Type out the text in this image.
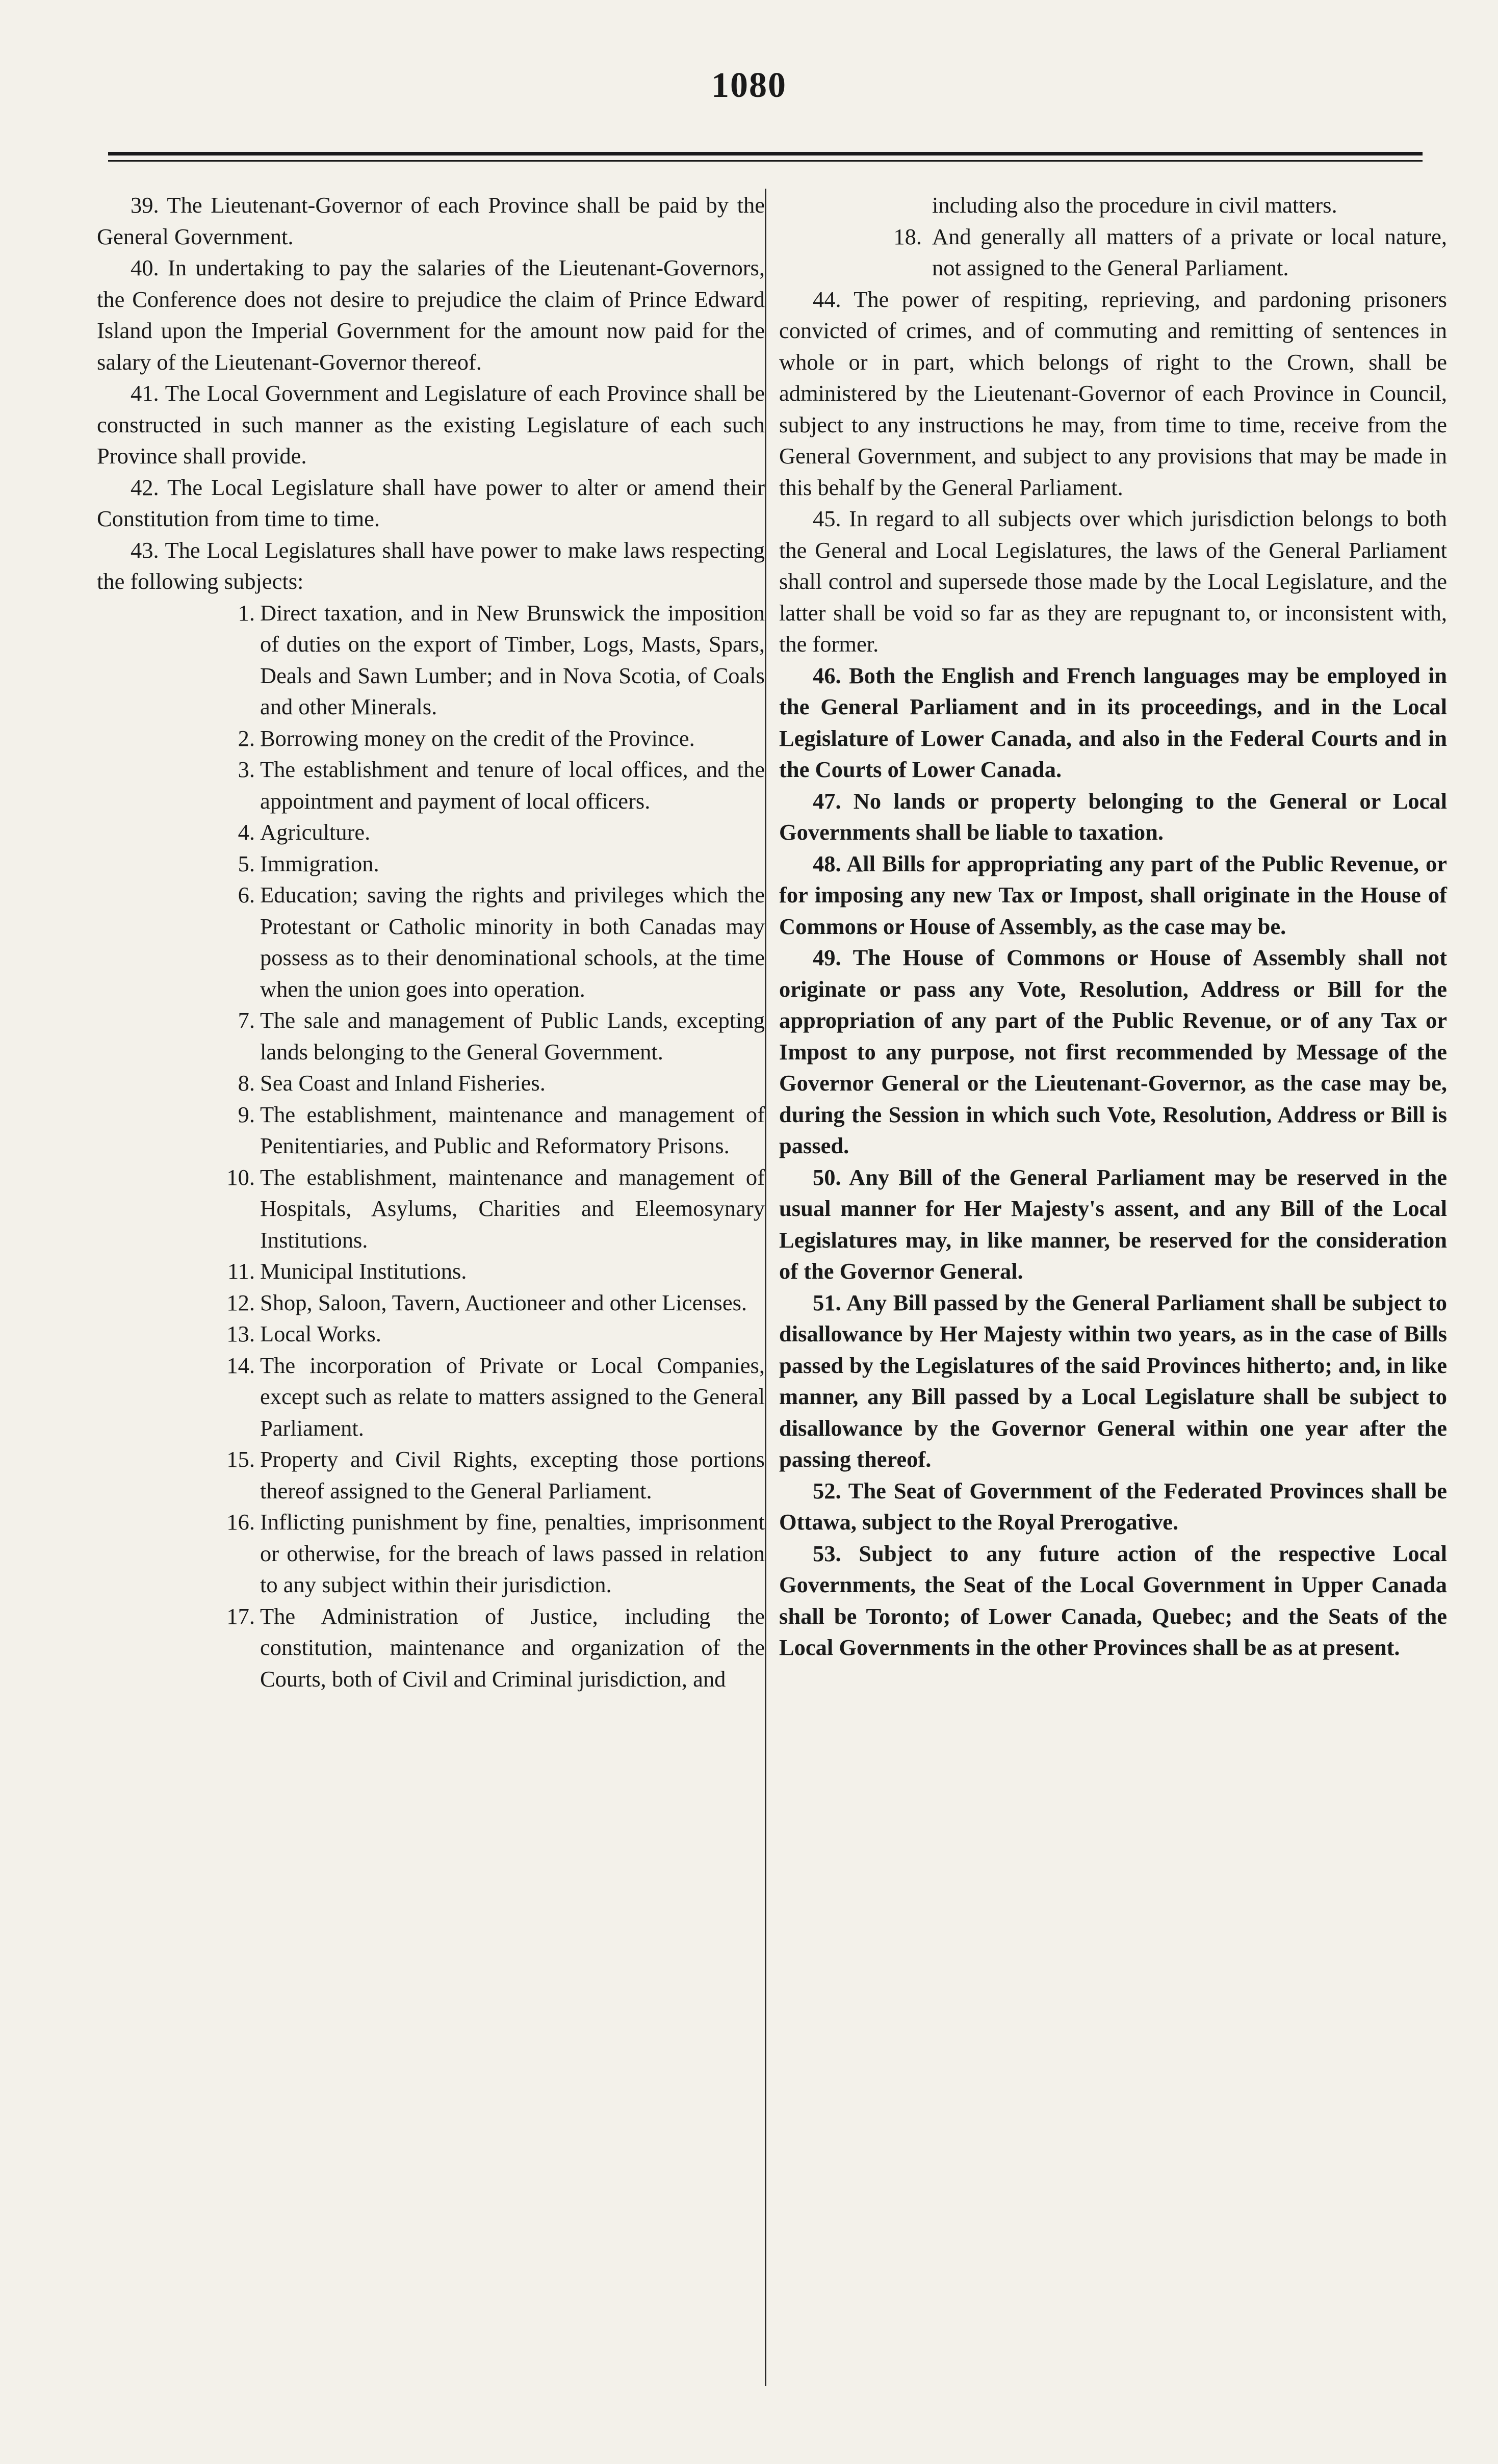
1080

39. The Lieutenant-Governor of each Province shall be paid by the General Government.

40. In undertaking to pay the salaries of the Lieutenant-Governors, the Conference does not desire to prejudice the claim of Prince Edward Island upon the Imperial Government for the amount now paid for the salary of the Lieutenant-Governor thereof.

41. The Local Government and Legislature of each Province shall be constructed in such manner as the existing Legislature of each such Province shall provide.

42. The Local Legislature shall have power to alter or amend their Constitution from time to time.

43. The Local Legislatures shall have power to make laws respecting the following subjects:

1. Direct taxation, and in New Brunswick the imposition of duties on the export of Timber, Logs, Masts, Spars, Deals and Sawn Lumber; and in Nova Scotia, of Coals and other Minerals.
2. Borrowing money on the credit of the Province.
3. The establishment and tenure of local offices, and the appointment and payment of local officers.
4. Agriculture.
5. Immigration.
6. Education; saving the rights and privileges which the Protestant or Catholic minority in both Canadas may possess as to their denominational schools, at the time when the union goes into operation.
7. The sale and management of Public Lands, excepting lands belonging to the General Government.
8. Sea Coast and Inland Fisheries.
9. The establishment, maintenance and management of Penitentiaries, and Public and Reformatory Prisons.
10. The establishment, maintenance and management of Hospitals, Asylums, Charities and Eleemosynary Institutions.
11. Municipal Institutions.
12. Shop, Saloon, Tavern, Auctioneer and other Licenses.
13. Local Works.
14. The incorporation of Private or Local Companies, except such as relate to matters assigned to the General Parliament.
15. Property and Civil Rights, excepting those portions thereof assigned to the General Parliament.
16. Inflicting punishment by fine, penalties, imprisonment or otherwise, for the breach of laws passed in relation to any subject within their jurisdiction.
17. The Administration of Justice, including the constitution, maintenance and organization of the Courts, both of Civil and Criminal jurisdiction, and
including also the procedure in civil matters.
18. And generally all matters of a private or local nature, not assigned to the General Parliament.

44. The power of respiting, reprieving, and pardoning prisoners convicted of crimes, and of commuting and remitting of sentences in whole or in part, which belongs of right to the Crown, shall be administered by the Lieutenant-Governor of each Province in Council, subject to any instructions he may, from time to time, receive from the General Government, and subject to any provisions that may be made in this behalf by the General Parliament.

45. In regard to all subjects over which jurisdiction belongs to both the General and Local Legislatures, the laws of the General Parliament shall control and supersede those made by the Local Legislature, and the latter shall be void so far as they are repugnant to, or inconsistent with, the former.

46. Both the English and French languages may be employed in the General Parliament and in its proceedings, and in the Local Legislature of Lower Canada, and also in the Federal Courts and in the Courts of Lower Canada.

47. No lands or property belonging to the General or Local Governments shall be liable to taxation.

48. All Bills for appropriating any part of the Public Revenue, or for imposing any new Tax or Impost, shall originate in the House of Commons or House of Assembly, as the case may be.

49. The House of Commons or House of Assembly shall not originate or pass any Vote, Resolution, Address or Bill for the appropriation of any part of the Public Revenue, or of any Tax or Impost to any purpose, not first recommended by Message of the Governor General or the Lieutenant-Governor, as the case may be, during the Session in which such Vote, Resolution, Address or Bill is passed.

50. Any Bill of the General Parliament may be reserved in the usual manner for Her Majesty's assent, and any Bill of the Local Legislatures may, in like manner, be reserved for the consideration of the Governor General.

51. Any Bill passed by the General Parliament shall be subject to disallowance by Her Majesty within two years, as in the case of Bills passed by the Legislatures of the said Provinces hitherto; and, in like manner, any Bill passed by a Local Legislature shall be subject to disallowance by the Governor General within one year after the passing thereof.

52. The Seat of Government of the Federated Provinces shall be Ottawa, subject to the Royal Prerogative.

53. Subject to any future action of the respective Local Governments, the Seat of the Local Government in Upper Canada shall be Toronto; of Lower Canada, Quebec; and the Seats of the Local Governments in the other Provinces shall be as at present.
